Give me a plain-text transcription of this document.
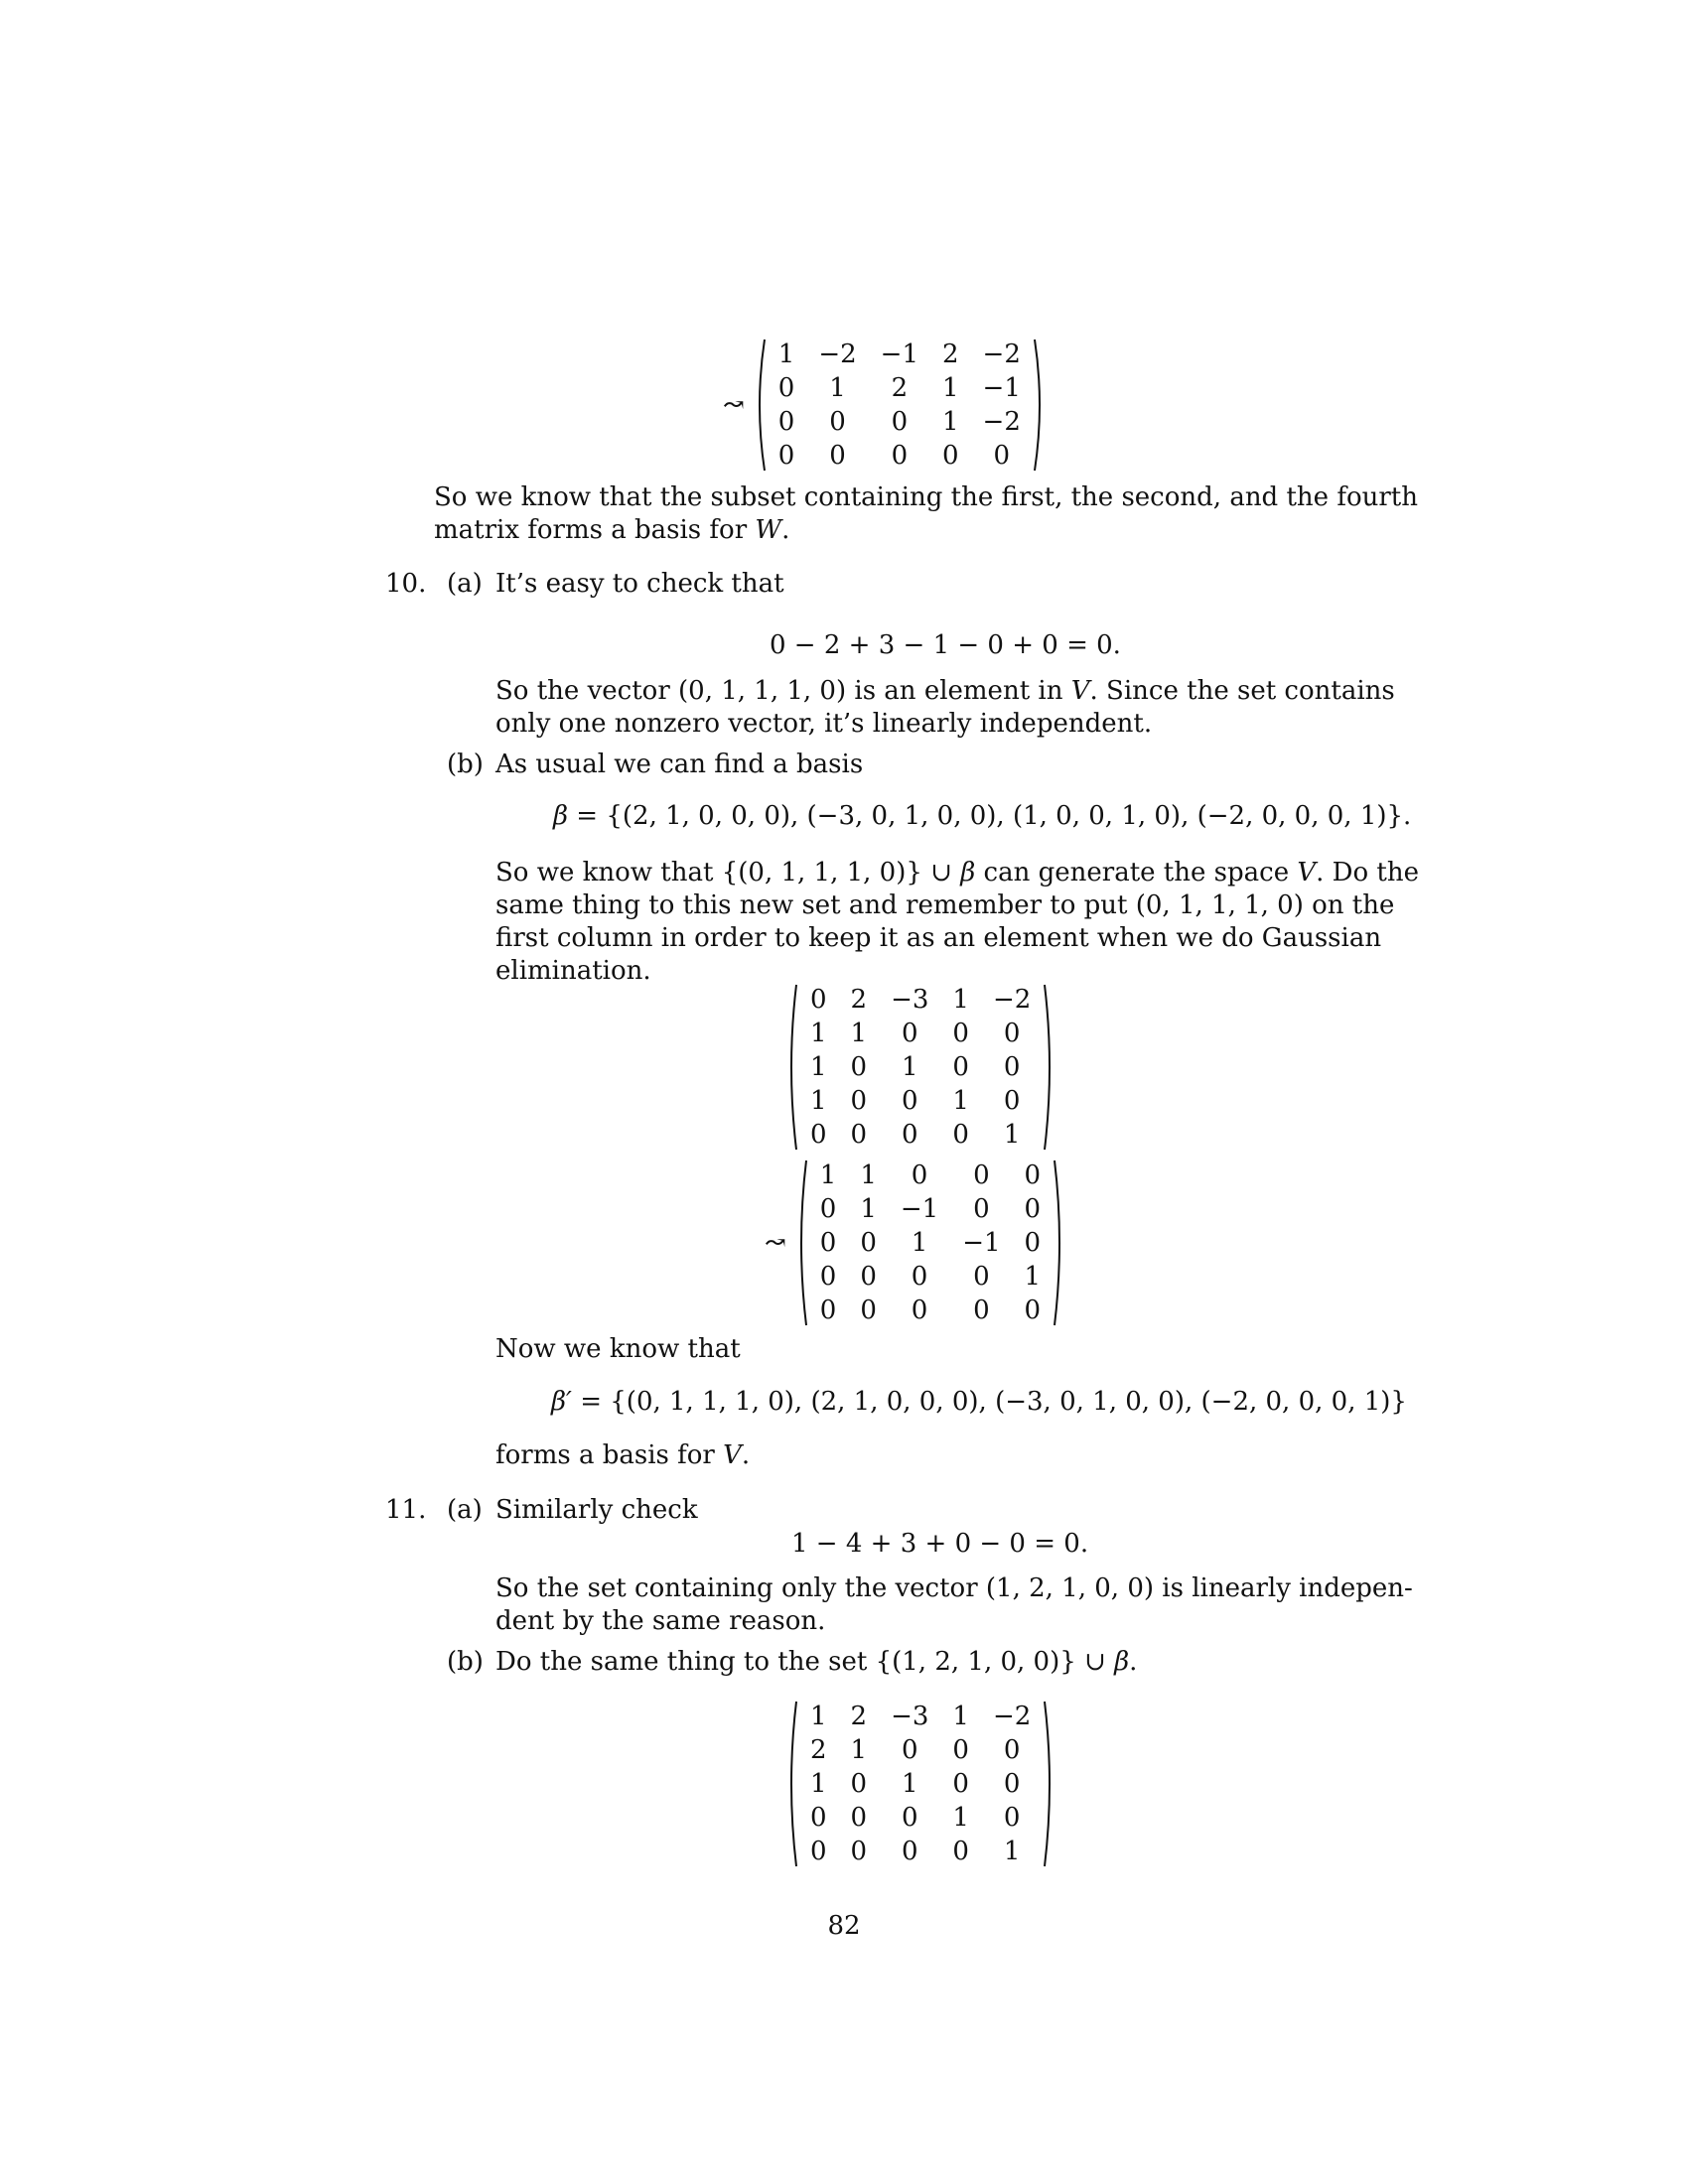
↝
1	−2	−1	2	−2
0	1	2	1	−1
0	0	0	1	−2
0	0	0	0	0
So we know that the subset containing the first, the second, and the fourth
matrix forms a basis for W.
10. (a) It’s easy to check that
0 − 2 + 3 − 1 − 0 + 0 = 0.
So the vector (0, 1, 1, 1, 0) is an element in V. Since the set contains
only one nonzero vector, it’s linearly independent.
(b) As usual we can find a basis
β = {(2, 1, 0, 0, 0), (−3, 0, 1, 0, 0), (1, 0, 0, 1, 0), (−2, 0, 0, 0, 1)}.
So we know that {(0, 1, 1, 1, 0)} ∪ β can generate the space V. Do the
same thing to this new set and remember to put (0, 1, 1, 1, 0) on the
first column in order to keep it as an element when we do Gaussian
elimination.
0	2	−3	1	−2
1	1	0	0	0
1	0	1	0	0
1	0	0	1	0
0	0	0	0	1
↝
1	1	0	0	0
0	1	−1	0	0
0	0	1	−1	0
0	0	0	0	1
0	0	0	0	0
Now we know that
β′ = {(0, 1, 1, 1, 0), (2, 1, 0, 0, 0), (−3, 0, 1, 0, 0), (−2, 0, 0, 0, 1)}
forms a basis for V.
11. (a) Similarly check
1 − 4 + 3 + 0 − 0 = 0.
So the set containing only the vector (1, 2, 1, 0, 0) is linearly indepen-
dent by the same reason.
(b) Do the same thing to the set {(1, 2, 1, 0, 0)} ∪ β.
1	2	−3	1	−2
2	1	0	0	0
1	0	1	0	0
0	0	0	1	0
0	0	0	0	1
82
